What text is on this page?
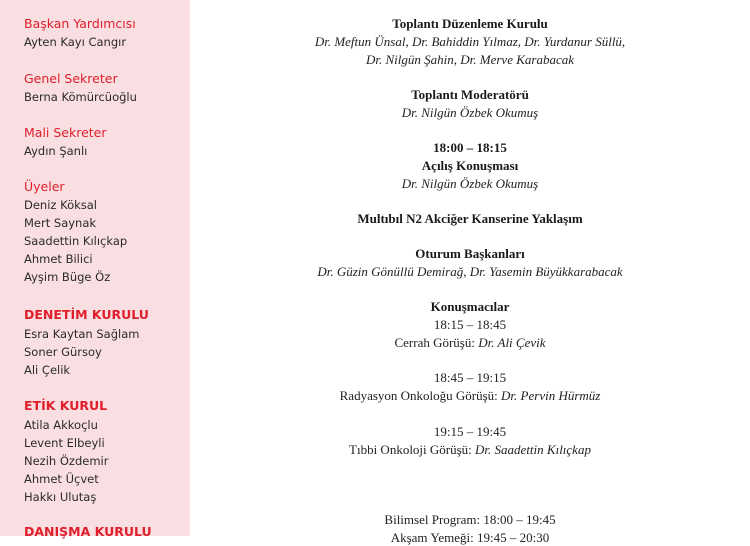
Başkan Yardımcısı
Ayten Kayı Cangır
Genel Sekreter
Berna Kömürcüoğlu
Mali Sekreter
Aydın Şanlı
Üyeler
Deniz Köksal
Mert Saynak
Saadettin Kılıçkap
Ahmet Bilici
Ayşim Büge Öz
DENETİM KURULU
Esra Kaytan Sağlam
Soner Gürsoy
Ali Çelik
ETİK KURUL
Atila Akkoçlu
Levent Elbeyli
Nezih Özdemir
Ahmet Üçvet
Hakkı Ulutaş
DANIŞMA KURULU
Toplantı Düzenleme Kurulu
Dr. Meftun Ünsal, Dr. Bahiddin Yılmaz, Dr. Yurdanur Süllü,
Dr. Nilgün Şahin, Dr. Merve Karabacak
Toplantı Moderatörü
Dr. Nilgün Özbek Okumuş
18:00 – 18:15
Açılış Konuşması
Dr. Nilgün Özbek Okumuş
Multıbıl N2 Akciğer Kanserine Yaklaşım
Oturum Başkanları
Dr. Güzin Gönüllü Demirağ, Dr. Yasemin Büyükkarabacak
Konuşmacılar
18:15 – 18:45
Cerrah Görüşü: Dr. Ali Çevik
18:45 – 19:15
Radyasyon Onkoloğu Görüşü: Dr. Pervin Hürmüz
19:15 – 19:45
Tıbbi Onkoloji Görüşü: Dr. Saadettin Kılıçkap
Bilimsel Program: 18:00 – 19:45
Akşam Yemeği: 19:45 – 20:30
